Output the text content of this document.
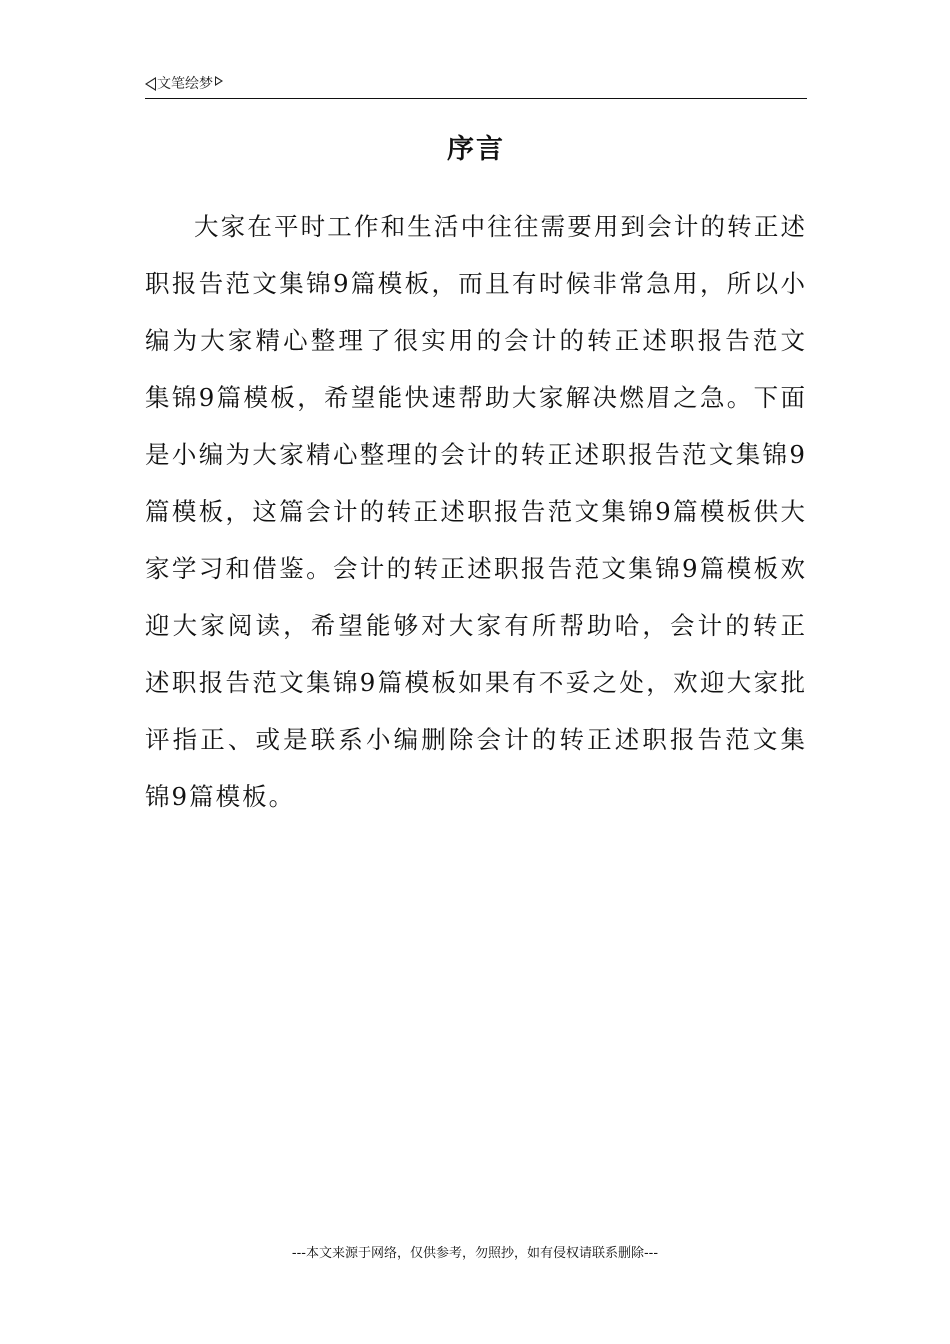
文笔绘梦
序言

大家在平时工作和生活中往往需要用到会计的转正述职报告范文集锦9篇模板，而且有时候非常急用，所以小编为大家精心整理了很实用的会计的转正述职报告范文集锦9篇模板，希望能快速帮助大家解决燃眉之急。下面是小编为大家精心整理的会计的转正述职报告范文集锦9篇模板，这篇会计的转正述职报告范文集锦9篇模板供大家学习和借鉴。会计的转正述职报告范文集锦9篇模板欢迎大家阅读，希望能够对大家有所帮助哈，会计的转正述职报告范文集锦9篇模板如果有不妥之处，欢迎大家批评指正、或是联系小编删除会计的转正述职报告范文集锦9篇模板。

---本文来源于网络，仅供参考，勿照抄，如有侵权请联系删除---
